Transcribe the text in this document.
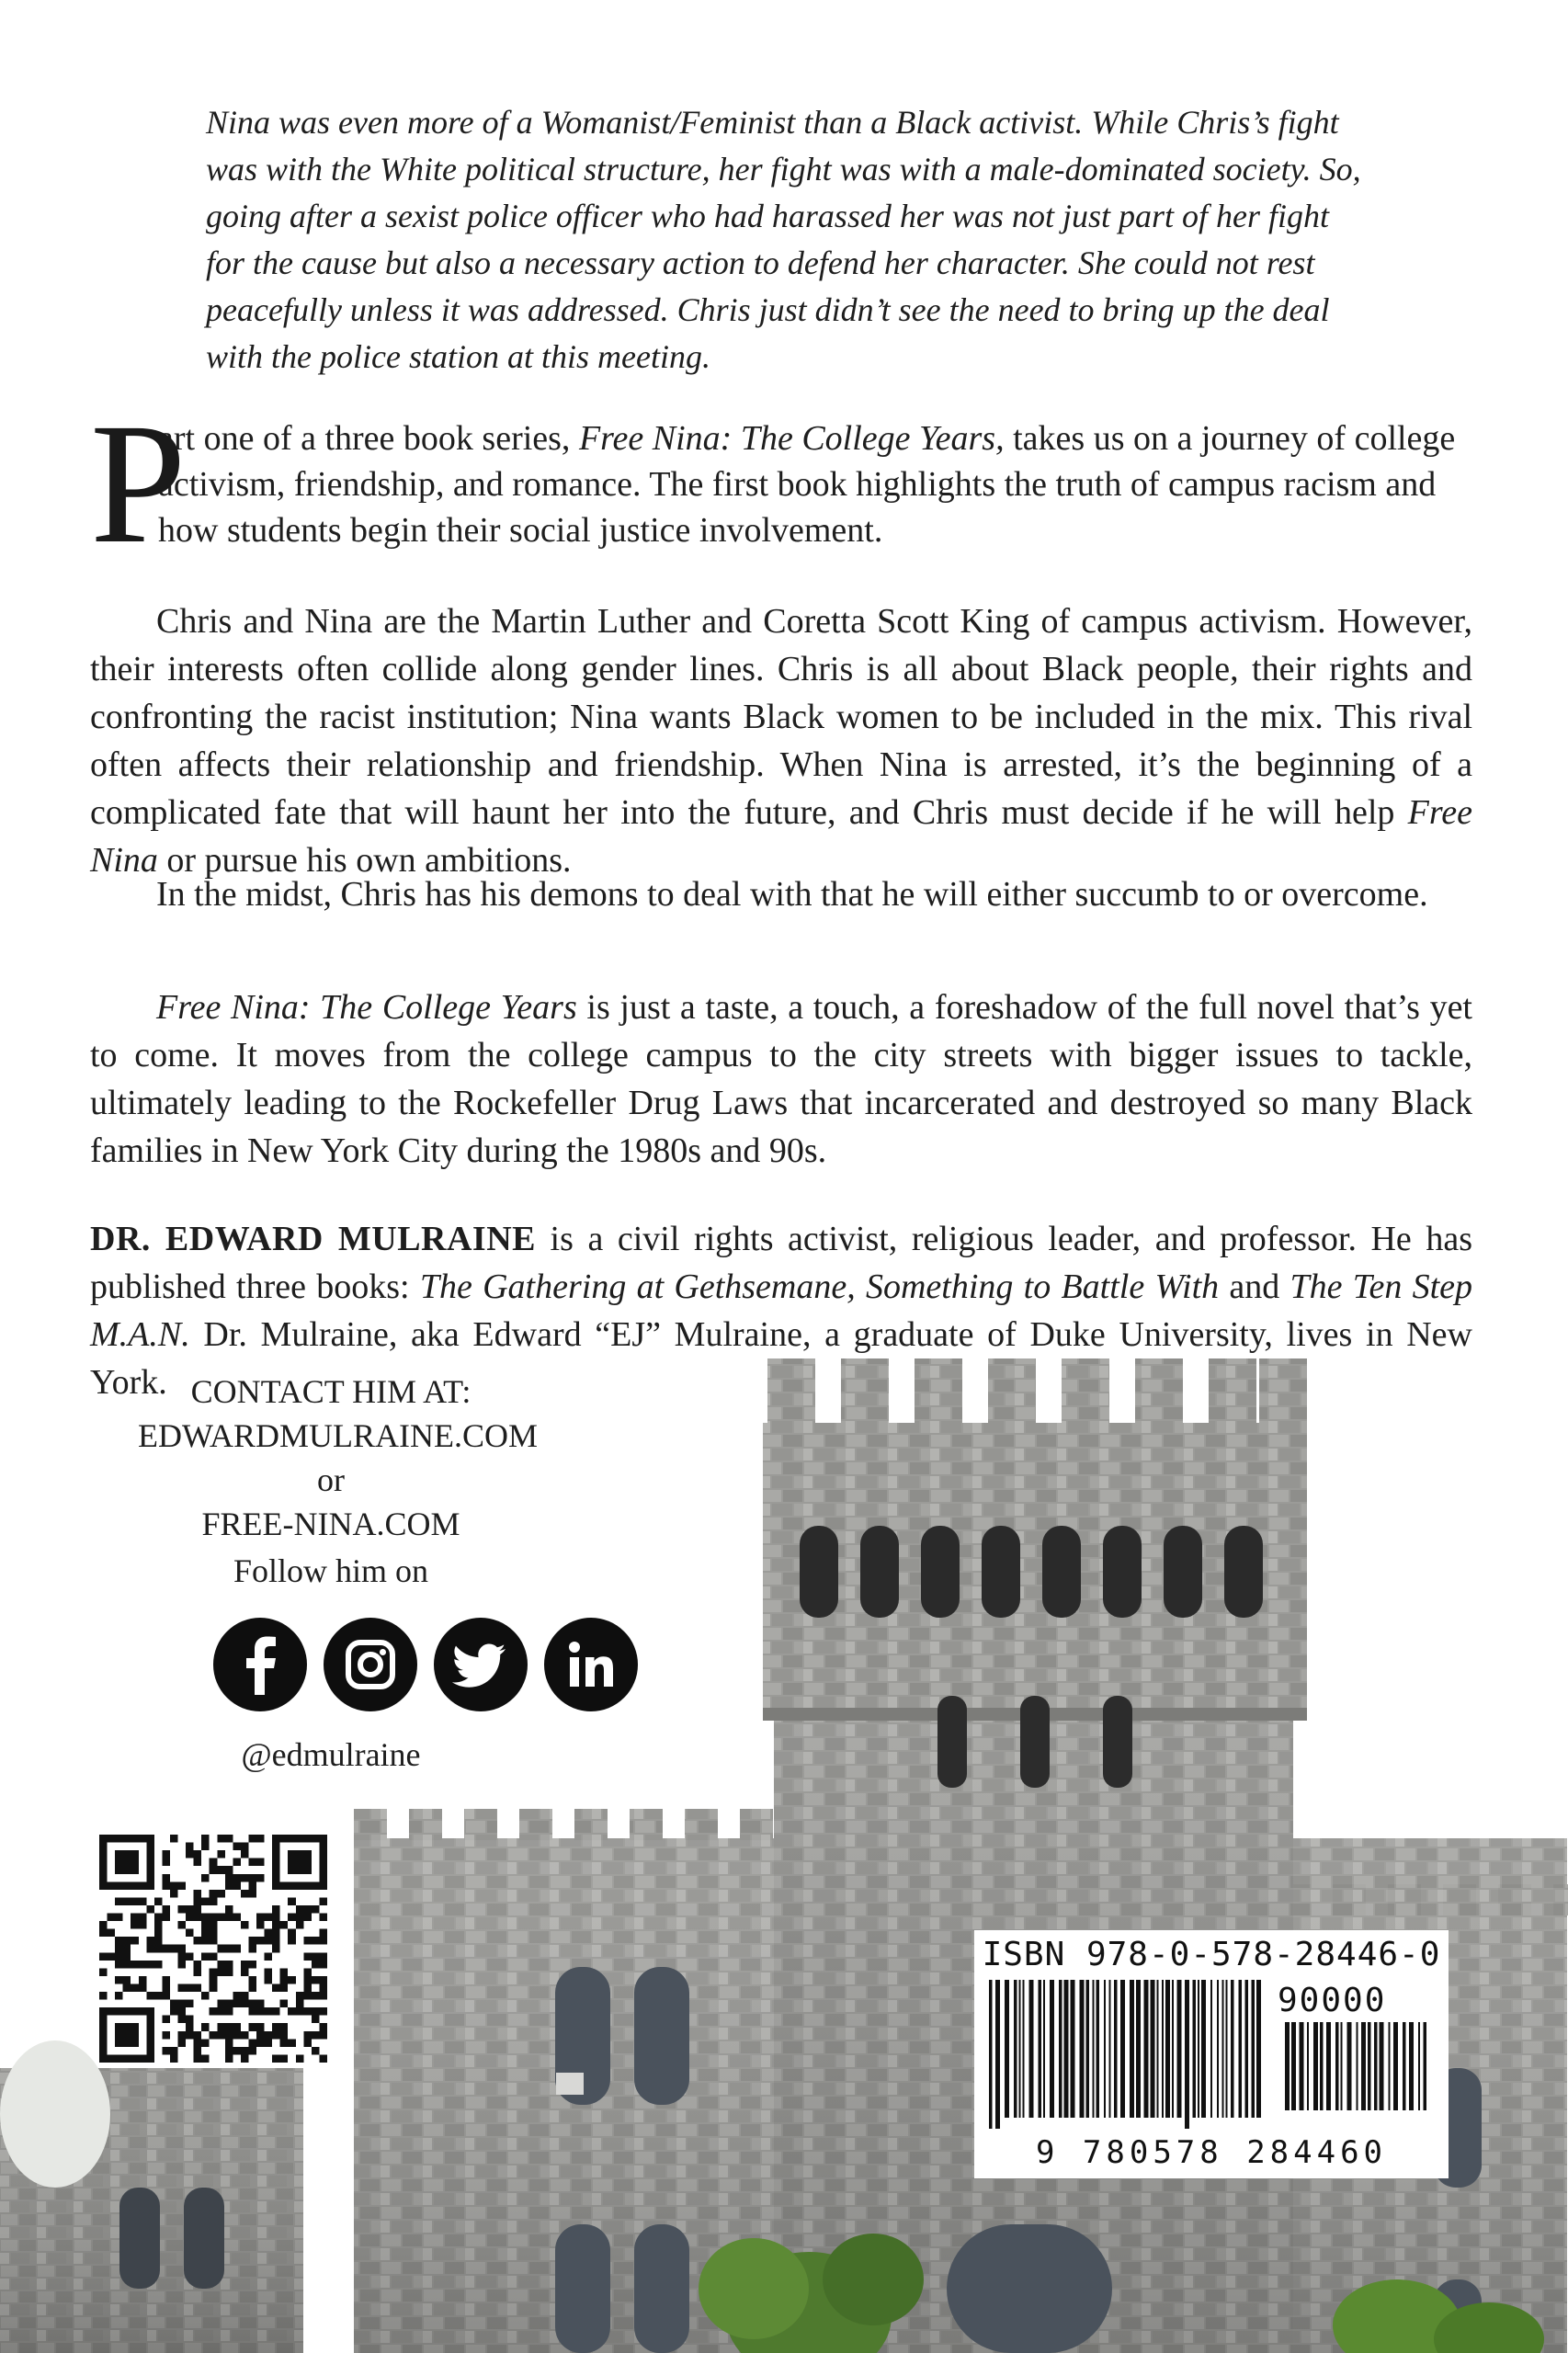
Nina was even more of a Womanist/Feminist than a Black activist. While Chris’s fight was with the White political structure, her fight was with a male-dominated society. So, going after a sexist police officer who had harassed her was not just part of her fight for the cause but also a necessary action to defend her character. She could not rest peacefully unless it was addressed. Chris just didn’t see the need to bring up the deal with the police station at this meeting.

P

art one of a three book series, Free Nina: The College Years, takes us on a journey of college
activism, friendship, and romance. The first book highlights the truth of campus racism and
how students begin their social justice involvement.

Chris and Nina are the Martin Luther and Coretta Scott King of campus activism. However, their interests often collide along gender lines. Chris is all about Black people, their rights and confronting the racist institution; Nina wants Black women to be included in the mix. This rival often affects their relationship and friendship. When Nina is arrested, it’s the beginning of a complicated fate that will haunt her into the future, and Chris must decide if he will help Free Nina or pursue his own ambitions.

In the midst, Chris has his demons to deal with that he will either succumb to or overcome.

Free Nina: The College Years is just a taste, a touch, a foreshadow of the full novel that’s yet to come. It moves from the college campus to the city streets with bigger issues to tackle, ultimately leading to the Rockefeller Drug Laws that incarcerated and destroyed so many Black families in New York City during the 1980s and 90s.

DR. EDWARD MULRAINE is a civil rights activist, religious leader, and professor. He has published three books: The Gathering at Gethsemane, Something to Battle With and The Ten Step M.A.N. Dr. Mulraine, aka Edward “EJ” Mulraine, a graduate of Duke University, lives in New York. CONTACT HIM AT:
EDWARDMULRAINE.COM or
FREE-NINA.COM
Follow him on
@edmulraine
ISBN 978-0-578-28446-0
90000
9 780578 284460
